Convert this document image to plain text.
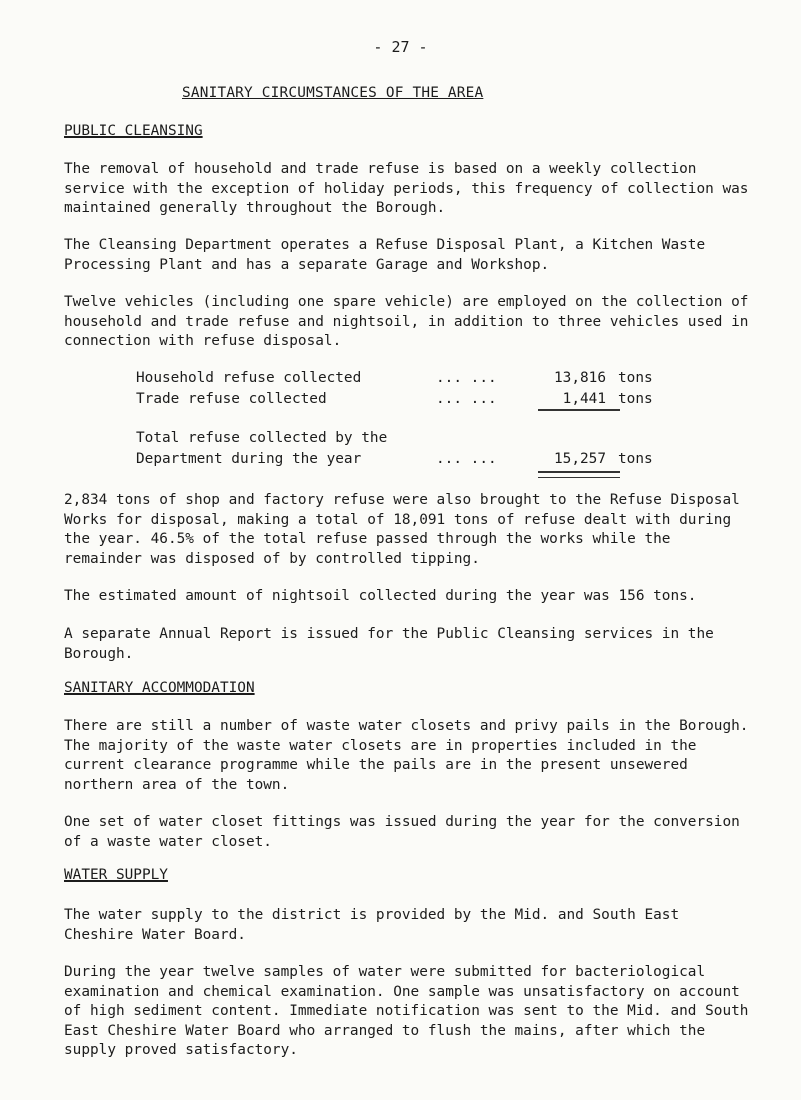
- 27 -
SANITARY CIRCUMSTANCES OF THE AREA
PUBLIC CLEANSING

The removal of household and trade refuse is based on a weekly collection service with the exception of holiday periods, this frequency of collection was maintained generally throughout the Borough.

The Cleansing Department operates a Refuse Disposal Plant, a Kitchen Waste Processing Plant and has a separate Garage and Workshop.

Twelve vehicles (including one spare vehicle) are employed on the collection of household and trade refuse and nightsoil, in addition to three vehicles used in connection with refuse disposal.

Household refuse collected	... ...	13,816 tons
Trade refuse collected	... ...	1,441 tons
Total refuse collected by the
Department during the year	... ...	15,257 tons

2,834 tons of shop and factory refuse were also brought to the Refuse Disposal Works for disposal, making a total of 18,091 tons of refuse dealt with during the year. 46.5% of the total refuse passed through the works while the remainder was disposed of by controlled tipping.

The estimated amount of nightsoil collected during the year was 156 tons.

A separate Annual Report is issued for the Public Cleansing services in the Borough.

SANITARY ACCOMMODATION

There are still a number of waste water closets and privy pails in the Borough. The majority of the waste water closets are in properties included in the current clearance programme while the pails are in the present unsewered northern area of the town.

One set of water closet fittings was issued during the year for the conversion of a waste water closet.

WATER SUPPLY

The water supply to the district is provided by the Mid. and South East Cheshire Water Board.

During the year twelve samples of water were submitted for bacteriological examination and chemical examination. One sample was unsatisfactory on account of high sediment content. Immediate notification was sent to the Mid. and South East Cheshire Water Board who arranged to flush the mains, after which the supply proved satisfactory.
